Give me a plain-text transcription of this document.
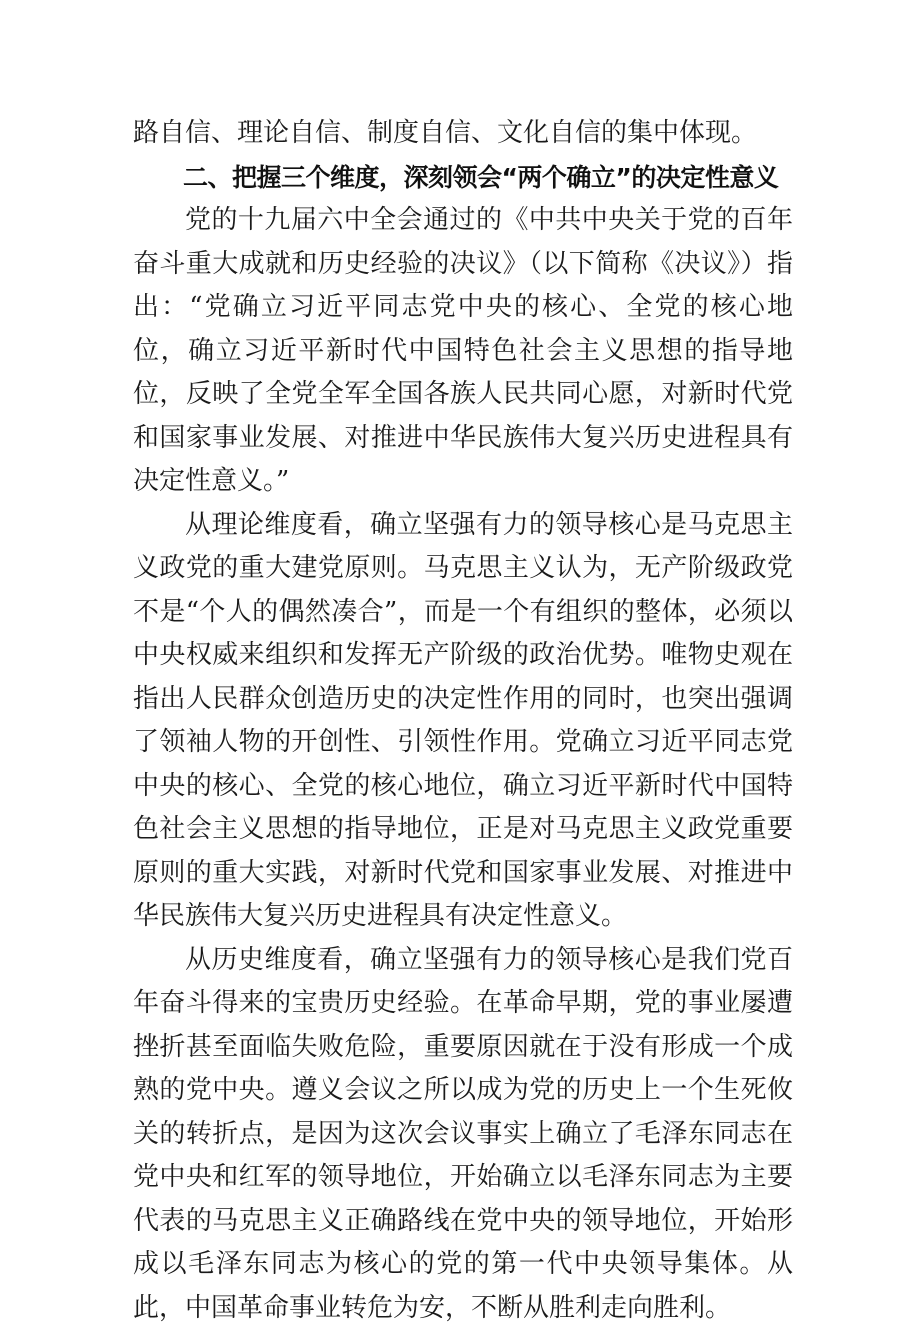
路自信、理论自信、制度自信、文化自信的集中体现。

二、把握三个维度，深刻领会“两个确立”的决定性意义

党的十九届六中全会通过的《中共中央关于党的百年奋斗重大成就和历史经验的决议》（以下简称《决议》）指出：“党确立习近平同志党中央的核心、全党的核心地位，确立习近平新时代中国特色社会主义思想的指导地位，反映了全党全军全国各族人民共同心愿，对新时代党和国家事业发展、对推进中华民族伟大复兴历史进程具有决定性意义。”

从理论维度看，确立坚强有力的领导核心是马克思主义政党的重大建党原则。马克思主义认为，无产阶级政党不是“个人的偶然凑合”，而是一个有组织的整体，必须以中央权威来组织和发挥无产阶级的政治优势。唯物史观在指出人民群众创造历史的决定性作用的同时，也突出强调了领袖人物的开创性、引领性作用。党确立习近平同志党中央的核心、全党的核心地位，确立习近平新时代中国特色社会主义思想的指导地位，正是对马克思主义政党重要原则的重大实践，对新时代党和国家事业发展、对推进中华民族伟大复兴历史进程具有决定性意义。

从历史维度看，确立坚强有力的领导核心是我们党百年奋斗得来的宝贵历史经验。在革命早期，党的事业屡遭挫折甚至面临失败危险，重要原因就在于没有形成一个成熟的党中央。遵义会议之所以成为党的历史上一个生死攸关的转折点，是因为这次会议事实上确立了毛泽东同志在党中央和红军的领导地位，开始确立以毛泽东同志为主要代表的马克思主义正确路线在党中央的领导地位，开始形成以毛泽东同志为核心的党的第一代中央领导集体。从此，中国革命事业转危为安，不断从胜利走向胜利。
